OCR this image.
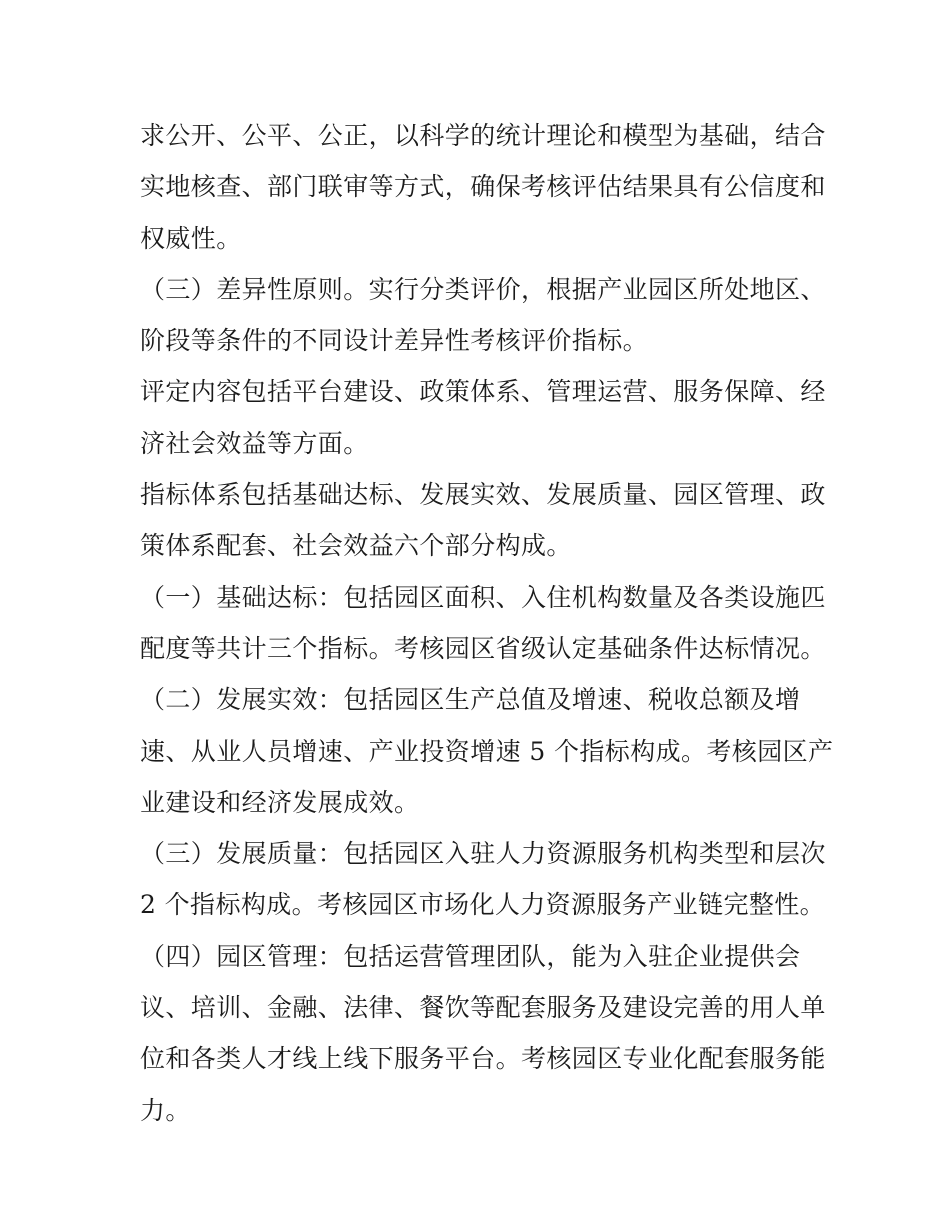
求公开、公平、公正，以科学的统计理论和模型为基础，结合
实地核查、部门联审等方式，确保考核评估结果具有公信度和
权威性。
（三）差异性原则。实行分类评价，根据产业园区所处地区、
阶段等条件的不同设计差异性考核评价指标。
评定内容包括平台建设、政策体系、管理运营、服务保障、经
济社会效益等方面。
指标体系包括基础达标、发展实效、发展质量、园区管理、政
策体系配套、社会效益六个部分构成。
（一）基础达标：包括园区面积、入住机构数量及各类设施匹
配度等共计三个指标。考核园区省级认定基础条件达标情况。
（二）发展实效：包括园区生产总值及增速、税收总额及增
速、从业人员增速、产业投资增速 5 个指标构成。考核园区产
业建设和经济发展成效。
（三）发展质量：包括园区入驻人力资源服务机构类型和层次
2 个指标构成。考核园区市场化人力资源服务产业链完整性。
（四）园区管理：包括运营管理团队，能为入驻企业提供会
议、培训、金融、法律、餐饮等配套服务及建设完善的用人单
位和各类人才线上线下服务平台。考核园区专业化配套服务能
力。
